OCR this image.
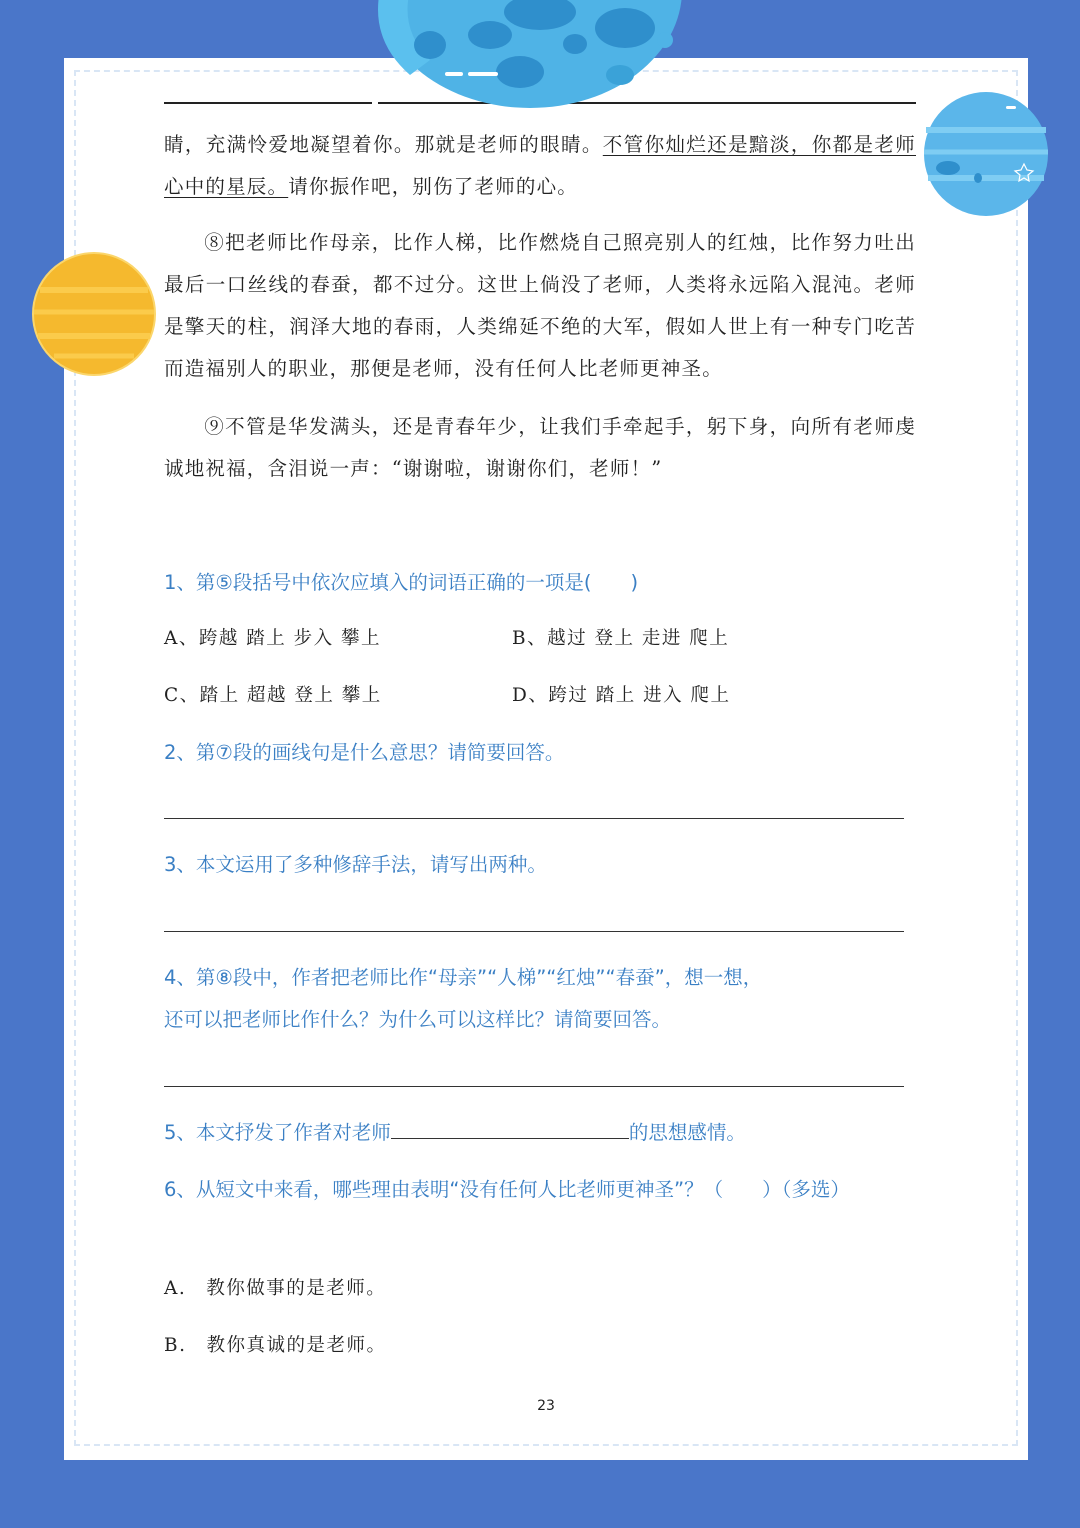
睛，充满怜爱地凝望着你。那就是老师的眼睛。不管你灿烂还是黯淡，你都是老师心中的星辰。请你振作吧，别伤了老师的心。
⑧把老师比作母亲，比作人梯，比作燃烧自己照亮别人的红烛，比作努力吐出最后一口丝线的春蚕，都不过分。这世上倘没了老师，人类将永远陷入混沌。老师是擎天的柱，润泽大地的春雨，人类绵延不绝的大军，假如人世上有一种专门吃苦而造福别人的职业，那便是老师，没有任何人比老师更神圣。
⑨不管是华发满头，还是青春年少，让我们手牵起手，躬下身，向所有老师虔诚地祝福，含泪说一声：“谢谢啦，谢谢你们，老师！”
1、第⑤段括号中依次应填入的词语正确的一项是(　　)
A、跨越 踏上 步入 攀上	B、越过 登上 走进 爬上
C、踏上 超越 登上 攀上	D、跨过 踏上 进入 爬上
2、第⑦段的画线句是什么意思？请简要回答。
3、本文运用了多种修辞手法，请写出两种。
4、第⑧段中，作者把老师比作“母亲”“人梯”“红烛”“春蚕”，想一想，
还可以把老师比作什么？为什么可以这样比？请简要回答。
5、本文抒发了作者对老师	的思想感情。
6、从短文中来看，哪些理由表明“没有任何人比老师更神圣”？（　　）（多选）
A.　教你做事的是老师。
B.　教你真诚的是老师。
23
